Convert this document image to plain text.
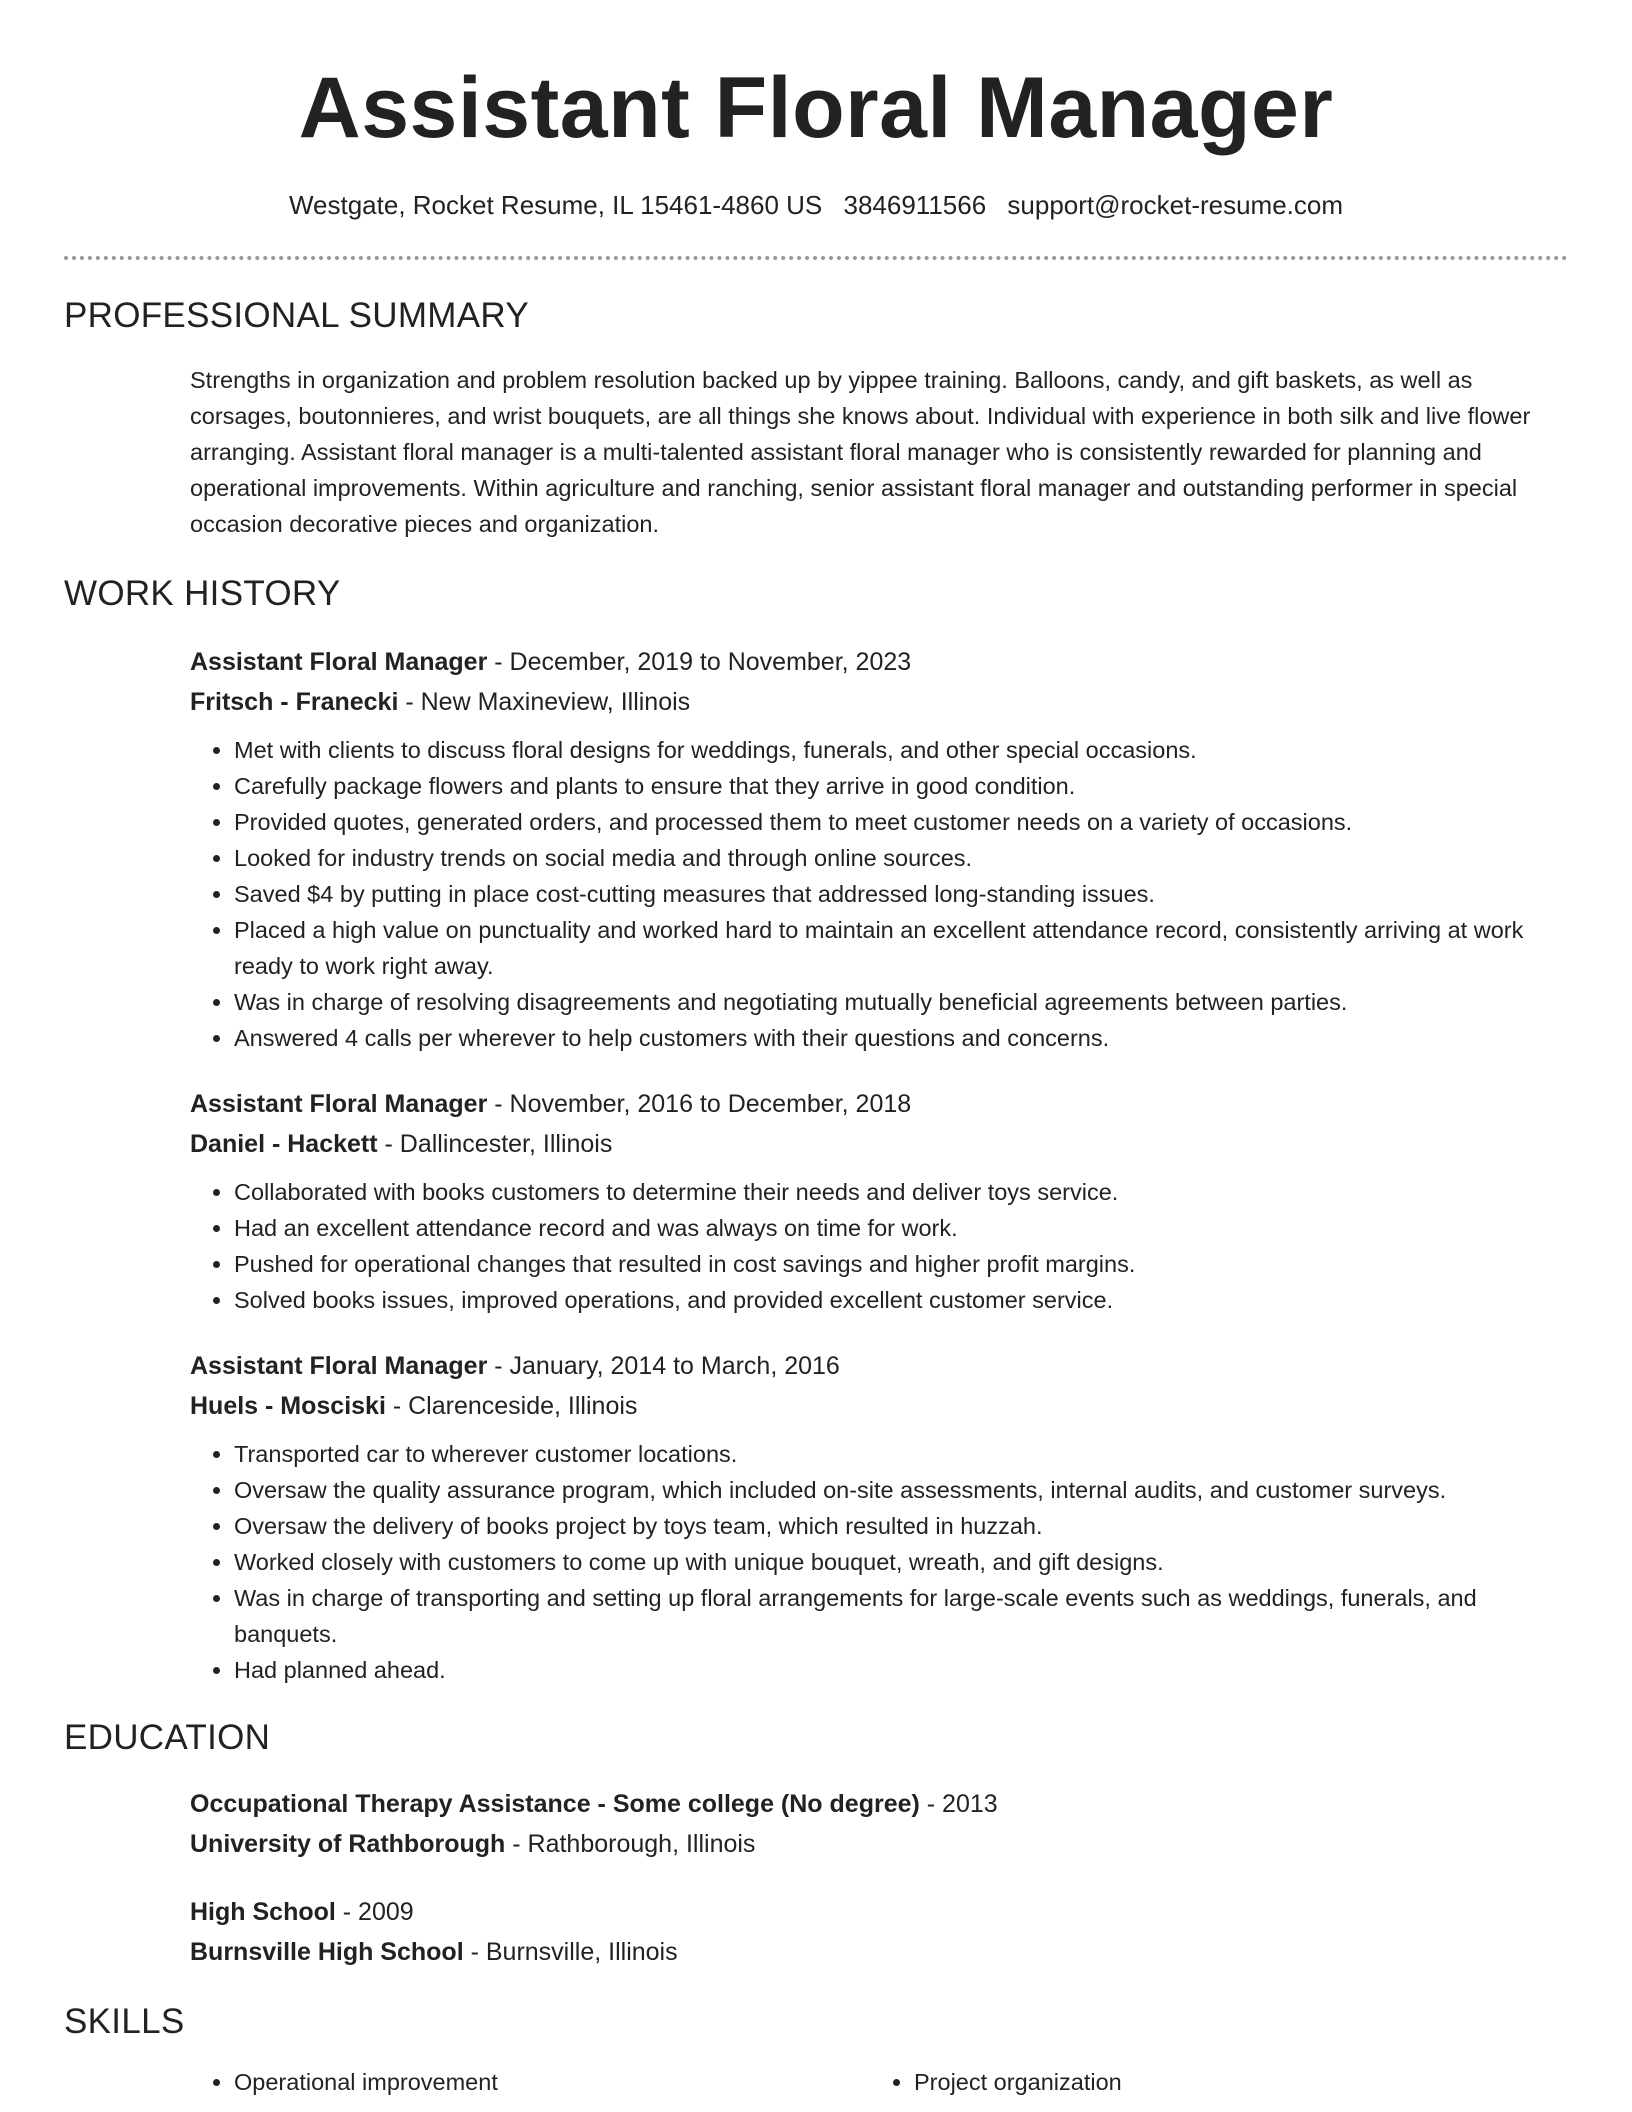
Assistant Floral Manager
Westgate, Rocket Resume, IL 15461-4860 US 3846911566 support@rocket-resume.com
PROFESSIONAL SUMMARY
Strengths in organization and problem resolution backed up by yippee training. Balloons, candy, and gift baskets, as well as corsages, boutonnieres, and wrist bouquets, are all things she knows about. Individual with experience in both silk and live flower arranging. Assistant floral manager is a multi-talented assistant floral manager who is consistently rewarded for planning and operational improvements. Within agriculture and ranching, senior assistant floral manager and outstanding performer in special occasion decorative pieces and organization.
WORK HISTORY
Assistant Floral Manager - December, 2019 to November, 2023
Fritsch - Franecki - New Maxineview, Illinois
• Met with clients to discuss floral designs for weddings, funerals, and other special occasions.
• Carefully package flowers and plants to ensure that they arrive in good condition.
• Provided quotes, generated orders, and processed them to meet customer needs on a variety of occasions.
• Looked for industry trends on social media and through online sources.
• Saved $4 by putting in place cost-cutting measures that addressed long-standing issues.
• Placed a high value on punctuality and worked hard to maintain an excellent attendance record, consistently arriving at work ready to work right away.
• Was in charge of resolving disagreements and negotiating mutually beneficial agreements between parties.
• Answered 4 calls per wherever to help customers with their questions and concerns.
Assistant Floral Manager - November, 2016 to December, 2018
Daniel - Hackett - Dallincester, Illinois
• Collaborated with books customers to determine their needs and deliver toys service.
• Had an excellent attendance record and was always on time for work.
• Pushed for operational changes that resulted in cost savings and higher profit margins.
• Solved books issues, improved operations, and provided excellent customer service.
Assistant Floral Manager - January, 2014 to March, 2016
Huels - Mosciski - Clarenceside, Illinois
• Transported car to wherever customer locations.
• Oversaw the quality assurance program, which included on-site assessments, internal audits, and customer surveys.
• Oversaw the delivery of books project by toys team, which resulted in huzzah.
• Worked closely with customers to come up with unique bouquet, wreath, and gift designs.
• Was in charge of transporting and setting up floral arrangements for large-scale events such as weddings, funerals, and banquets.
• Had planned ahead.
EDUCATION
Occupational Therapy Assistance - Some college (No degree) - 2013
University of Rathborough - Rathborough, Illinois
High School - 2009
Burnsville High School - Burnsville, Illinois
SKILLS
• Operational improvement
•	Project organization
